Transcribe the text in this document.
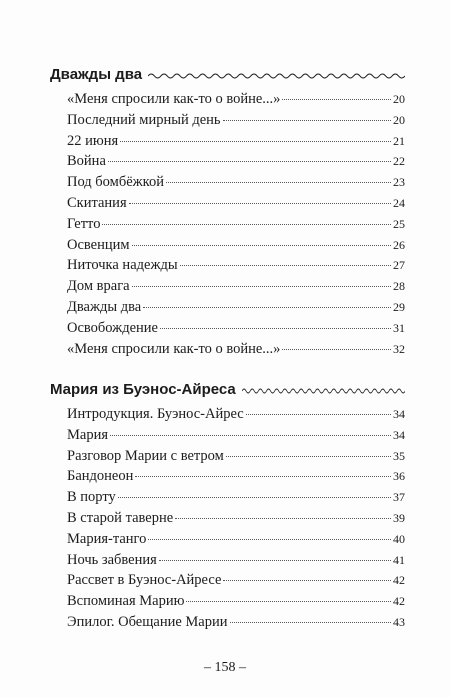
Дважды два
«Меня спросили как-то о войне...»	20
Последний мирный день	20
22 июня	21
Война	22
Под бомбёжкой	23
Скитания	24
Гетто	25
Освенцим	26
Ниточка надежды	27
Дом врага	28
Дважды два	29
Освобождение	31
«Меня спросили как-то о войне...»	32
Мария из Буэнос-Айреса
Интродукция. Буэнос-Айрес	34
Мария	34
Разговор Марии с ветром	35
Бандонеон	36
В порту	37
В старой таверне	39
Мария-танго	40
Ночь забвения	41
Рассвет в Буэнос-Айресе	42
Вспоминая Марию	42
Эпилог. Обещание Марии	43
– 158 –
